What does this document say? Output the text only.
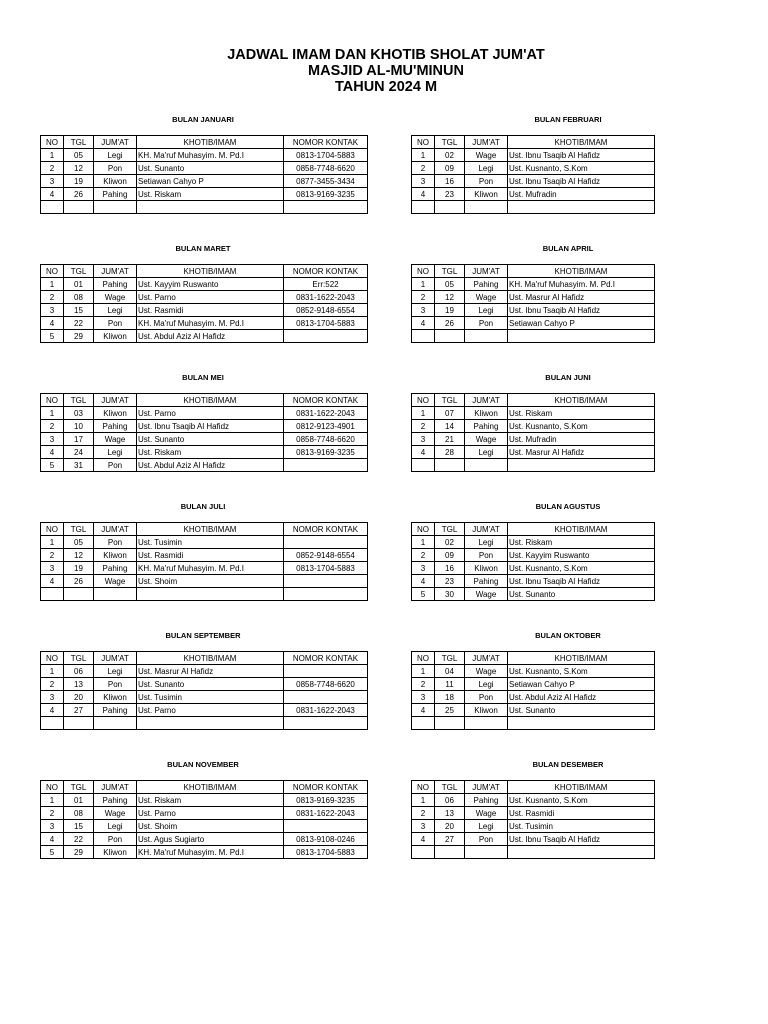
JADWAL IMAM DAN KHOTIB SHOLAT JUM'AT
MASJID AL-MU'MINUN
TAHUN 2024 M
BULAN JANUARI
NO	TGL	JUM'AT	KHOTIB/IMAM	NOMOR KONTAK
1	05	Legi	KH. Ma'ruf Muhasyim. M. Pd.I	0813-1704-5883
2	12	Pon	Ust. Sunanto	0858-7748-6620
3	19	Kliwon	Setiawan Cahyo P	0877-3455-3434
4	26	Pahing	Ust. Riskam	0813-9169-3235

BULAN FEBRUARI
NO	TGL	JUM'AT	KHOTIB/IMAM
1	02	Wage	Ust. Ibnu Tsaqib Al Hafidz
2	09	Legi	Ust. Kusnanto, S.Kom
3	16	Pon	Ust. Ibnu Tsaqib Al Hafidz
4	23	Kliwon	Ust. Mufradin

BULAN MARET
NO	TGL	JUM'AT	KHOTIB/IMAM	NOMOR KONTAK
1	01	Pahing	Ust. Kayyim Ruswanto	Err:522
2	08	Wage	Ust. Parno	0831-1622-2043
3	15	Legi	Ust. Rasmidi	0852-9148-6554
4	22	Pon	KH. Ma'ruf Muhasyim. M. Pd.I	0813-1704-5883
5	29	Kliwon	Ust. Abdul Aziz Al Hafidz	
BULAN APRIL
NO	TGL	JUM'AT	KHOTIB/IMAM
1	05	Pahing	KH. Ma'ruf Muhasyim. M. Pd.I
2	12	Wage	Ust. Masrur Al Hafidz
3	19	Legi	Ust. Ibnu Tsaqib Al Hafidz
4	26	Pon	Setiawan Cahyo P

BULAN MEI
NO	TGL	JUM'AT	KHOTIB/IMAM	NOMOR KONTAK
1	03	Kliwon	Ust. Parno	0831-1622-2043
2	10	Pahing	Ust. Ibnu Tsaqib Al Hafidz	0812-9123-4901
3	17	Wage	Ust. Sunanto	0858-7748-6620
4	24	Legi	Ust. Riskam	0813-9169-3235
5	31	Pon	Ust. Abdul Aziz Al Hafidz	
BULAN JUNI
NO	TGL	JUM'AT	KHOTIB/IMAM
1	07	Kliwon	Ust. Riskam
2	14	Pahing	Ust. Kusnanto, S.Kom
3	21	Wage	Ust. Mufradin
4	28	Legi	Ust. Masrur Al Hafidz

BULAN JULI
NO	TGL	JUM'AT	KHOTIB/IMAM	NOMOR KONTAK
1	05	Pon	Ust. Tusimin	
2	12	Kliwon	Ust. Rasmidi	0852-9148-6554
3	19	Pahing	KH. Ma'ruf Muhasyim. M. Pd.I	0813-1704-5883
4	26	Wage	Ust. Shoim	

BULAN AGUSTUS
NO	TGL	JUM'AT	KHOTIB/IMAM
1	02	Legi	Ust. Riskam
2	09	Pon	Ust. Kayyim Ruswanto
3	16	Kliwon	Ust. Kusnanto, S.Kom
4	23	Pahing	Ust. Ibnu Tsaqib Al Hafidz
5	30	Wage	Ust. Sunanto
BULAN SEPTEMBER
NO	TGL	JUM'AT	KHOTIB/IMAM	NOMOR KONTAK
1	06	Legi	Ust. Masrur Al Hafidz	
2	13	Pon	Ust. Sunanto	0858-7748-6620
3	20	Kliwon	Ust. Tusimin	
4	27	Pahing	Ust. Parno	0831-1622-2043

BULAN OKTOBER
NO	TGL	JUM'AT	KHOTIB/IMAM
1	04	Wage	Ust. Kusnanto, S.Kom
2	11	Legi	Setiawan Cahyo P
3	18	Pon	Ust. Abdul Aziz Al Hafidz
4	25	Kliwon	Ust. Sunanto

BULAN NOVEMBER
NO	TGL	JUM'AT	KHOTIB/IMAM	NOMOR KONTAK
1	01	Pahing	Ust. Riskam	0813-9169-3235
2	08	Wage	Ust. Parno	0831-1622-2043
3	15	Legi	Ust. Shoim	
4	22	Pon	Ust. Agus Sugiarto	0813-9108-0246
5	29	Kliwon	KH. Ma'ruf Muhasyim. M. Pd.I	0813-1704-5883
BULAN DESEMBER
NO	TGL	JUM'AT	KHOTIB/IMAM
1	06	Pahing	Ust. Kusnanto, S.Kom
2	13	Wage	Ust. Rasmidi
3	20	Legi	Ust. Tusimin
4	27	Pon	Ust. Ibnu Tsaqib Al Hafidz
